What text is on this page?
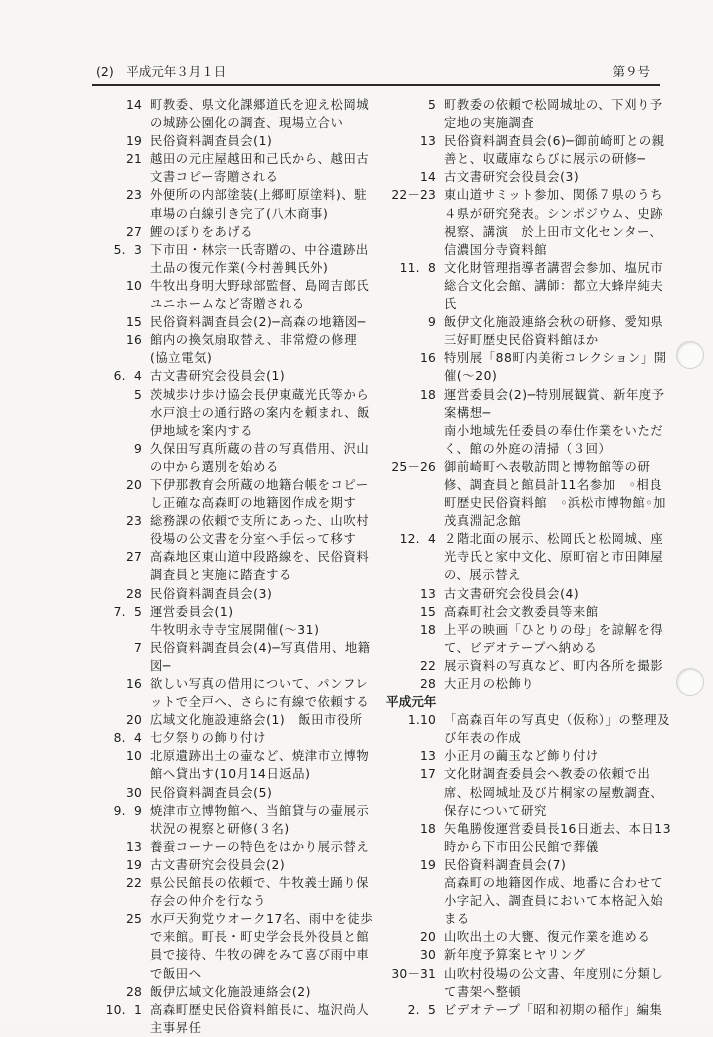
(2)　平成元年３月１日	第９号
14 町教委、県文化課郷道氏を迎え松岡城の城跡公園化の調査、現場立合い
19 民俗資料調査員会(1)
21 越田の元庄屋越田和己氏から、越田古文書コピー寄贈される
23 外便所の内部塗装(上郷町原塗料)、駐車場の白線引き完了(八木商事)
27 鯉のぼりをあげる
5.  3 下市田・林宗一氏寄贈の、中谷遺跡出土品の復元作業(今村善興氏外)
10 牛牧出身明大野球部監督、島岡吉郎氏ユニホームなど寄贈される
15 民俗資料調査員会(2)─高森の地籍図─
16 館内の換気扇取替え、非常燈の修理(協立電気)
6.  4 古文書研究会役員会(1)
5 茨城歩け歩け協会長伊東蔵光氏等から水戸浪士の通行路の案内を頼まれ、飯伊地域を案内する
9 久保田写真所蔵の昔の写真借用、沢山の中から選別を始める
20 下伊那教育会所蔵の地籍台帳をコピーし正確な高森町の地籍図作成を期す
23 総務課の依頼で支所にあった、山吹村役場の公文書を分室へ手伝って移す
27 高森地区東山道中段路線を、民俗資料調査員と実施に踏査する
28 民俗資料調査員会(3)
7.  5 運営委員会(1)
牛牧明永寺寺宝展開催(～31)
7 民俗資料調査員会(4)─写真借用、地籍図─
16 欲しい写真の借用について、パンフレットで全戸へ、さらに有線で依頼する
20 広域文化施設連絡会(1)　飯田市役所
8.  4 七夕祭りの飾り付け
10 北原遺跡出土の壷など、焼津市立博物館へ貸出す(10月14日返品)
30 民俗資料調査員会(5)
9.  9 焼津市立博物館へ、当館貸与の壷展示状況の視察と研修(３名)
13 養蚕コーナーの特色をはかり展示替え
19 古文書研究会役員会(2)
22 県公民館長の依頼で、牛牧義士踊り保存会の仲介を行なう
25 水戸天狗党ウオーク17名、雨中を徒歩で来館。町長・町史学会長外役員と館員で接待、牛牧の碑をみて喜び雨中車で飯田へ
28 飯伊広域文化施設連絡会(2)
10.  1 高森町歴史民俗資料館長に、塩沢尚人主事昇任
5 町教委の依頼で松岡城址の、下刈り予定地の実施調査
13 民俗資料調査員会(6)─御前崎町との親善と、収蔵庫ならびに展示の研修─
14 古文書研究会役員会(3)
22－23 東山道サミット参加、関係７県のうち４県が研究発表。シンポジウム、史跡視察、講演　於上田市文化センター、信濃国分寺資料館
11.  8 文化財管理指導者講習会参加、塩尻市総合文化会館、講師：都立大蜂岸純夫氏
9 飯伊文化施設連絡会秋の研修、愛知県三好町歴史民俗資料館ほか
16 特別展「88町内美術コレクション」開催(～20)
18 運営委員会(2)─特別展観賞、新年度予案構想─
南小地域先任委員の奉仕作業をいただく、館の外庭の清掃（３回）
25－26 御前崎町へ表敬訪問と博物館等の研修、調査員と館員計11名参加　◦相良町歴史民俗資料館　◦浜松市博物館◦加茂真淵記念館
12.  4 ２階北面の展示、松岡氏と松岡城、座光寺氏と家中文化、原町宿と市田陣屋の、展示替え
13 古文書研究会役員会(4)
15 高森町社会文教委員等来館
18 上平の映画「ひとりの母」を諒解を得て、ビデオテープへ納める
22 展示資料の写真など、町内各所を撮影
28 大正月の松飾り
平成元年
1.10 「高森百年の写真史（仮称）」の整理及び年表の作成
13 小正月の繭玉など飾り付け
17 文化財調査委員会へ教委の依頼で出席、松岡城址及び片桐家の屋敷調査、保存について研究
18 矢亀勝俊運営委員長16日逝去、本日13時から下市田公民館で葬儀
19 民俗資料調査員会(7)
高森町の地籍図作成、地番に合わせて小字記入、調査員において本格記入始まる
20 山吹出土の大甕、復元作業を進める
30 新年度予算案ヒヤリング
30－31 山吹村役場の公文書、年度別に分類して書架へ整頓
2.  5 ビデオテープ「昭和初期の稲作」編集
